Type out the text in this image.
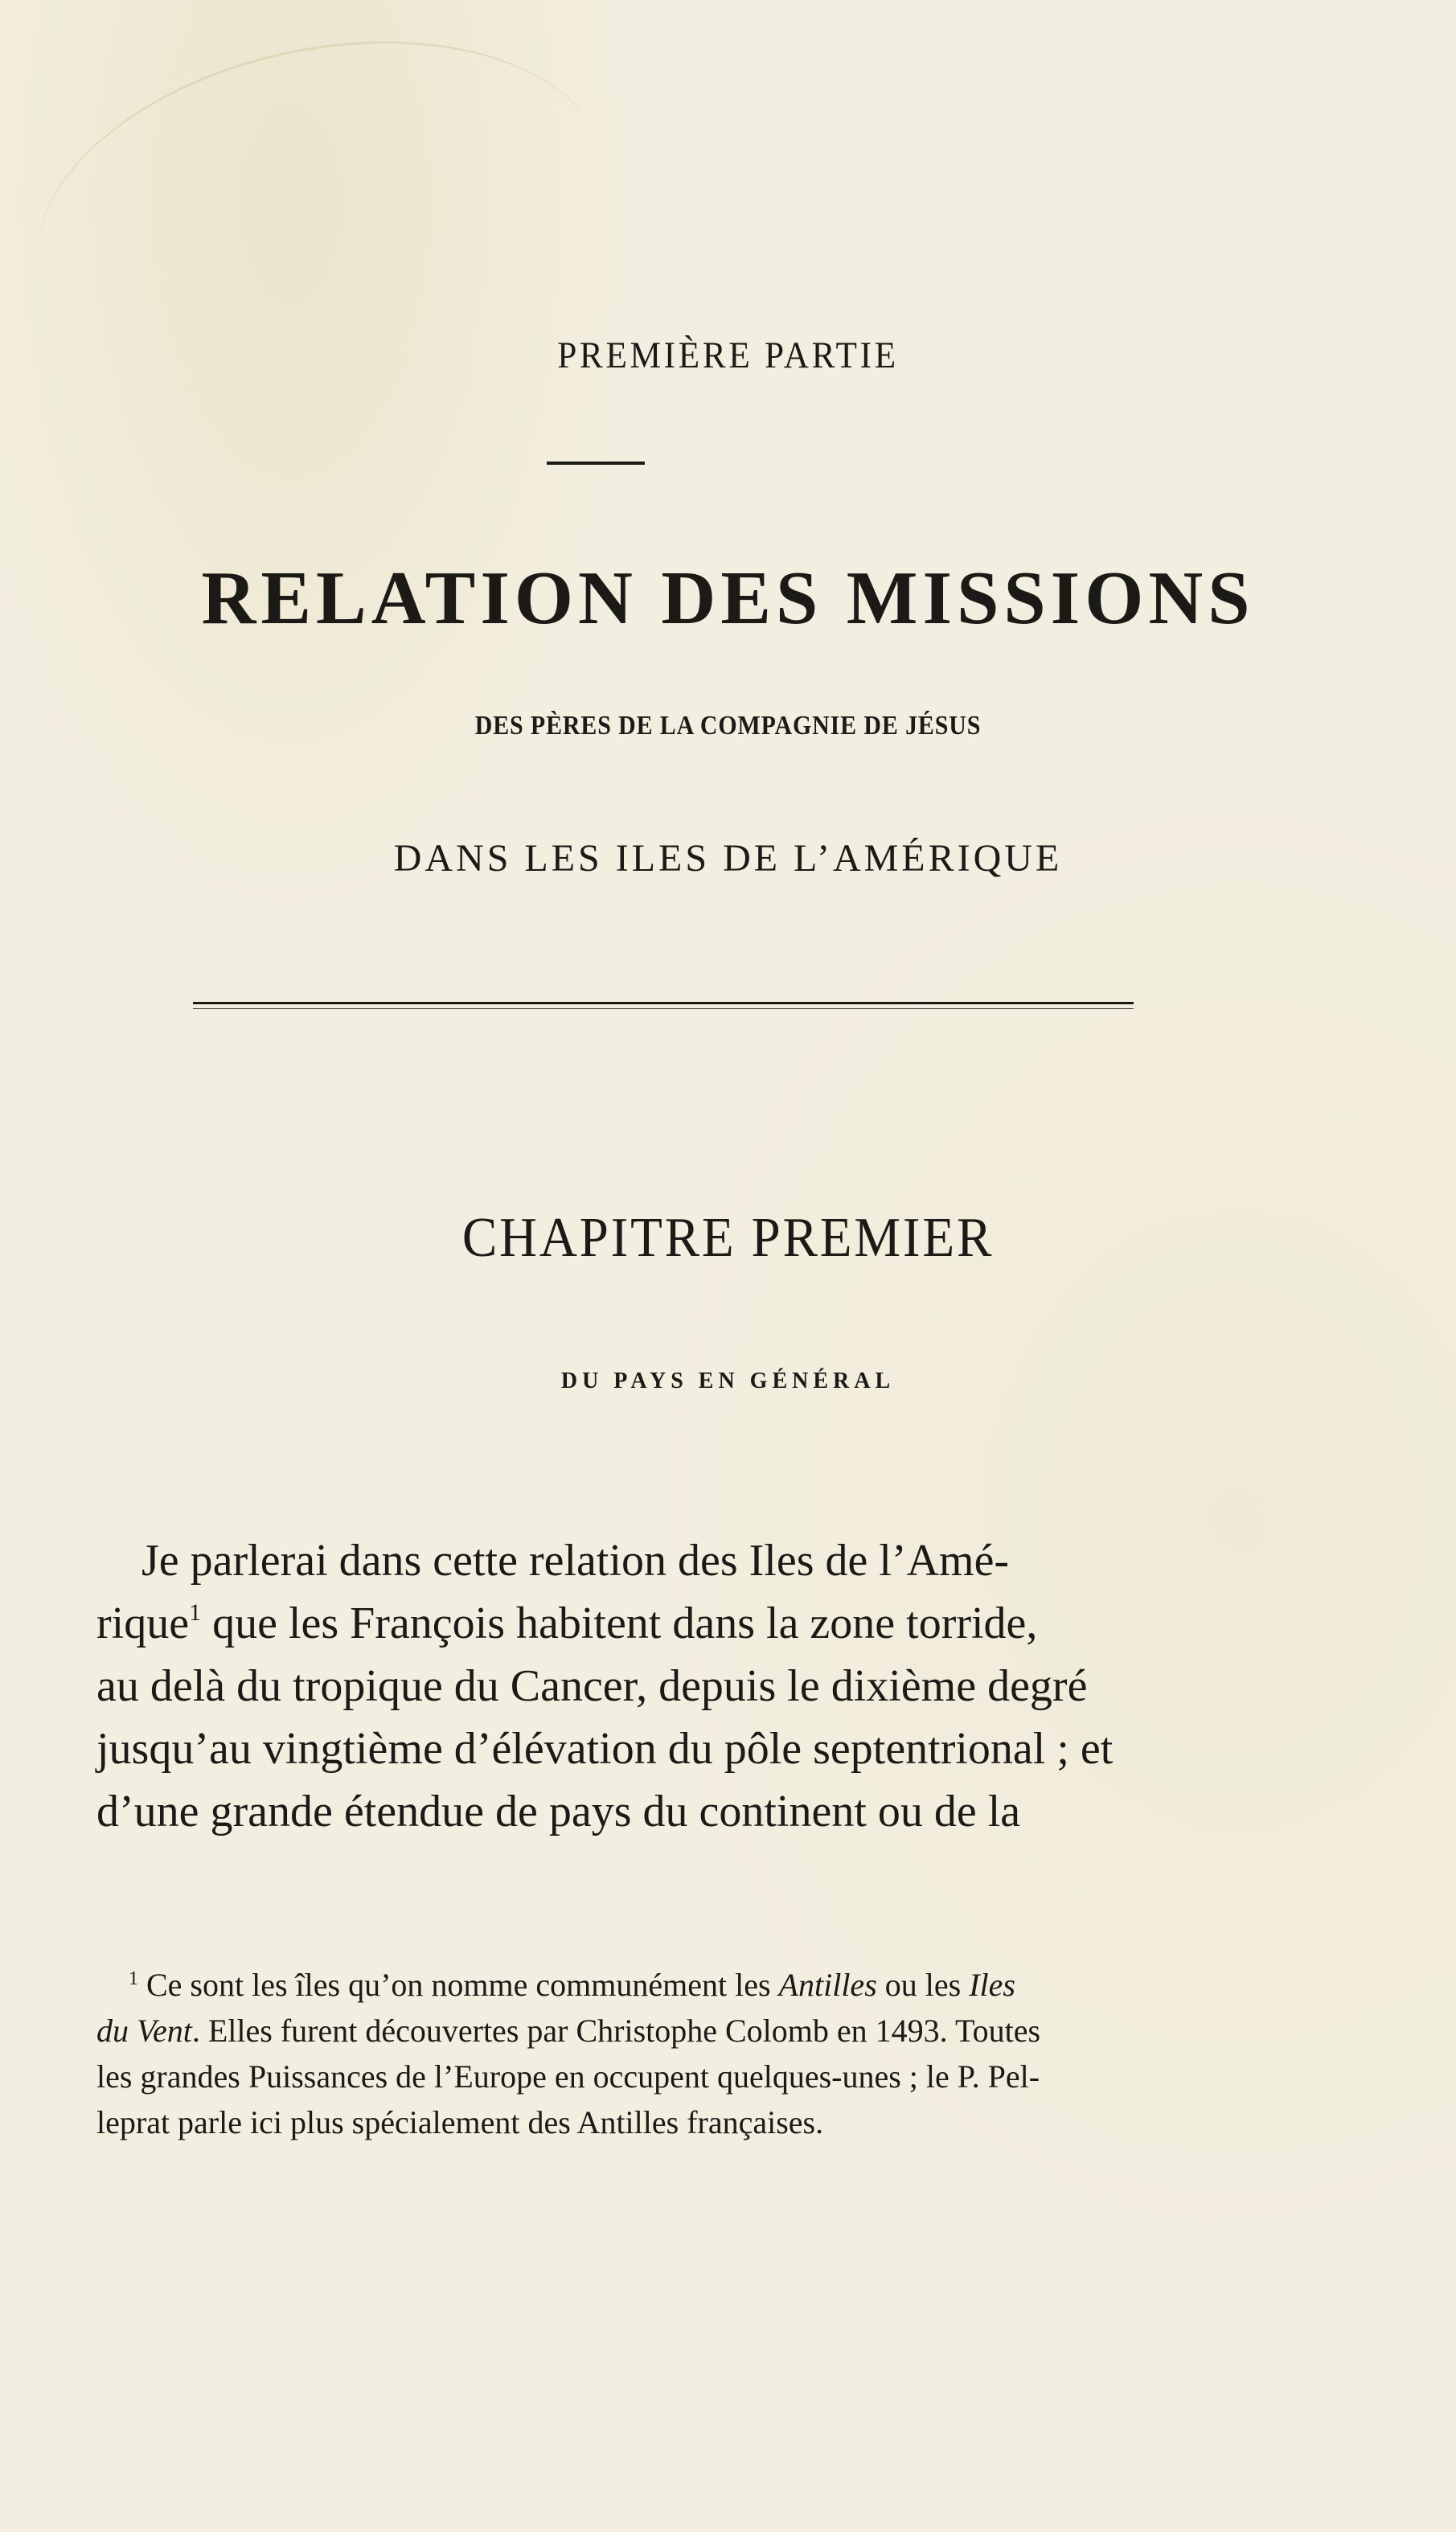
PREMIÈRE PARTIE
RELATION DES MISSIONS
DES PÈRES DE LA COMPAGNIE DE JÉSUS
DANS LES ILES DE L’AMÉRIQUE
CHAPITRE PREMIER
DU PAYS EN GÉNÉRAL
Je parlerai dans cette relation des Iles de l’Amé-
rique$^1$ que les François habitent dans la zone torride,
au delà du tropique du Cancer, depuis le dixième degré
jusqu’au vingtième d’élévation du pôle septentrional ; et
d’une grande étendue de pays du continent ou de la
$^1$ Ce sont les îles qu’on nomme communément les Antilles ou les Iles
du Vent. Elles furent découvertes par Christophe Colomb en 1493. Toutes
les grandes Puissances de l’Europe en occupent quelques-unes ; le P. Pel-
leprat parle ici plus spécialement des Antilles françaises.
